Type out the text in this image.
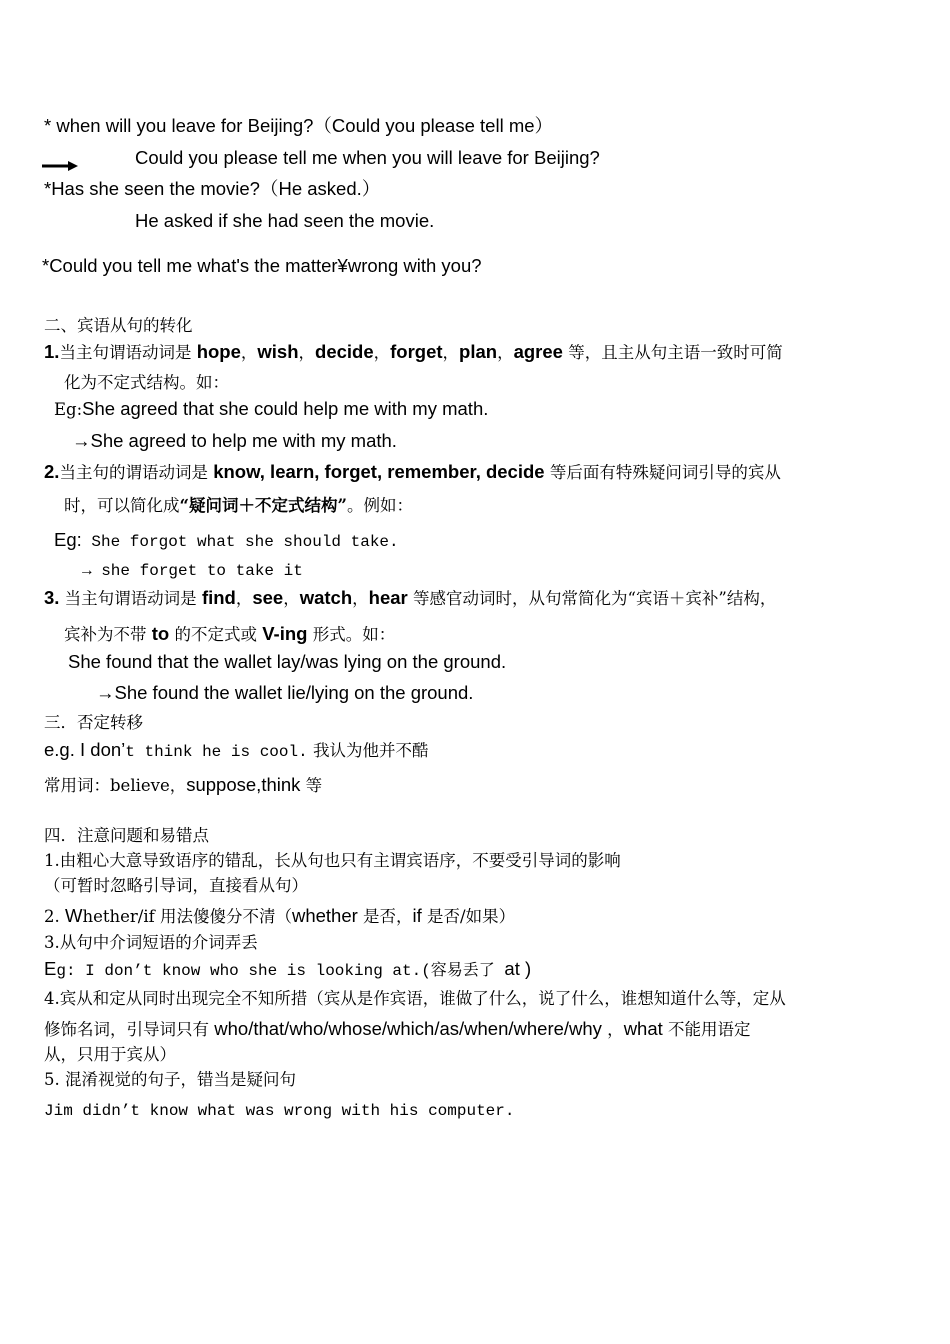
* when will you leave for Beijing?（Could you please tell me）
Could you please tell me when you will leave for Beijing?
*Has she seen the movie?（He asked.）
He asked if she had seen the movie.
*Could you tell me what's the matter¥wrong with you?
二、宾语从句的转化
1.当主句谓语动词是 hope，wish，decide，forget，plan，agree 等，且主从句主语一致时可简
化为不定式结构。如：
Eg:She agreed that she could help me with my math.
→She agreed to help me with my math.
2.当主句的谓语动词是 know, learn, forget, remember, decide 等后面有特殊疑问词引导的宾从
时，可以简化成“疑问词＋不定式结构”。例如：
Eg: She forgot what she should take.
→ she forget to take it
3. 当主句谓语动词是 find，see，watch，hear 等感官动词时，从句常简化为“宾语＋宾补”结构，
宾补为不带 to 的不定式或 V-ing 形式。如：
She found that the wallet lay/was lying on the ground.
→She found the wallet lie/lying on the ground.
三．否定转移
e.g. I don’t think he is cool. 我认为他并不酷
常用词：believe，suppose,think 等
四．注意问题和易错点
1.由粗心大意导致语序的错乱，长从句也只有主谓宾语序，不要受引导词的影响
（可暂时忽略引导词，直接看从句）
2. Whether/if 用法傻傻分不清（whether 是否，if 是否/如果）
3.从句中介词短语的介词弄丢
Eg: I don’t know who she is looking at.(容易丢了 at )
4.宾从和定从同时出现完全不知所措（宾从是作宾语，谁做了什么，说了什么，谁想知道什么等，定从
修饰名词，引导词只有 who/that/who/whose/which/as/when/where/why ，what 不能用语定
从，只用于宾从）
5. 混淆视觉的句子，错当是疑问句
Jim didn’t know what was wrong with his computer.
